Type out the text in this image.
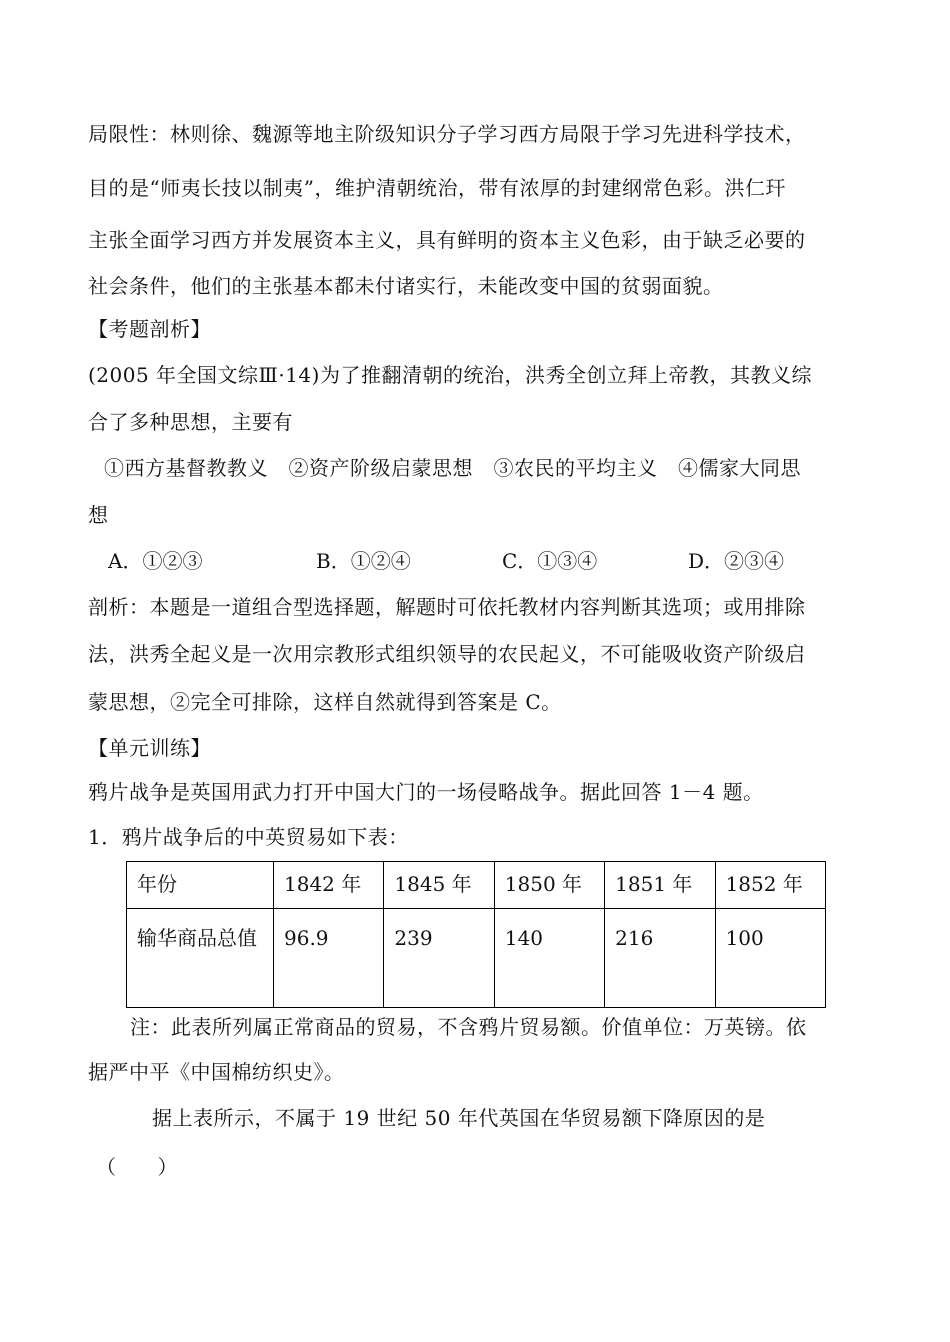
局限性：林则徐、魏源等地主阶级知识分子学习西方局限于学习先进科学技术，
目的是“师夷长技以制夷”，维护清朝统治，带有浓厚的封建纲常色彩。洪仁玕
主张全面学习西方并发展资本主义，具有鲜明的资本主义色彩，由于缺乏必要的
社会条件，他们的主张基本都未付诸实行，未能改变中国的贫弱面貌。
【考题剖析】
(2005 年全国文综Ⅲ·14)为了推翻清朝的统治，洪秀全创立拜上帝教，其教义综
合了多种思想，主要有
①西方基督教教义　②资产阶级启蒙思想　③农民的平均主义　④儒家大同思
想
A．①②③	B．①②④	C．①③④	D．②③④
剖析：本题是一道组合型选择题，解题时可依托教材内容判断其选项；或用排除
法，洪秀全起义是一次用宗教形式组织领导的农民起义，不可能吸收资产阶级启
蒙思想，②完全可排除，这样自然就得到答案是 C。
【单元训练】
鸦片战争是英国用武力打开中国大门的一场侵略战争。据此回答 1－4 题。
1．鸦片战争后的中英贸易如下表：
年份	1842 年	1845 年	1850 年	1851 年	1852 年
输华商品总值	96.9	239	140	216	100
注：此表所列属正常商品的贸易，不含鸦片贸易额。价值单位：万英镑。依
据严中平《中国棉纺织史》。
据上表所示，不属于 19 世纪 50 年代英国在华贸易额下降原因的是
（　　）
